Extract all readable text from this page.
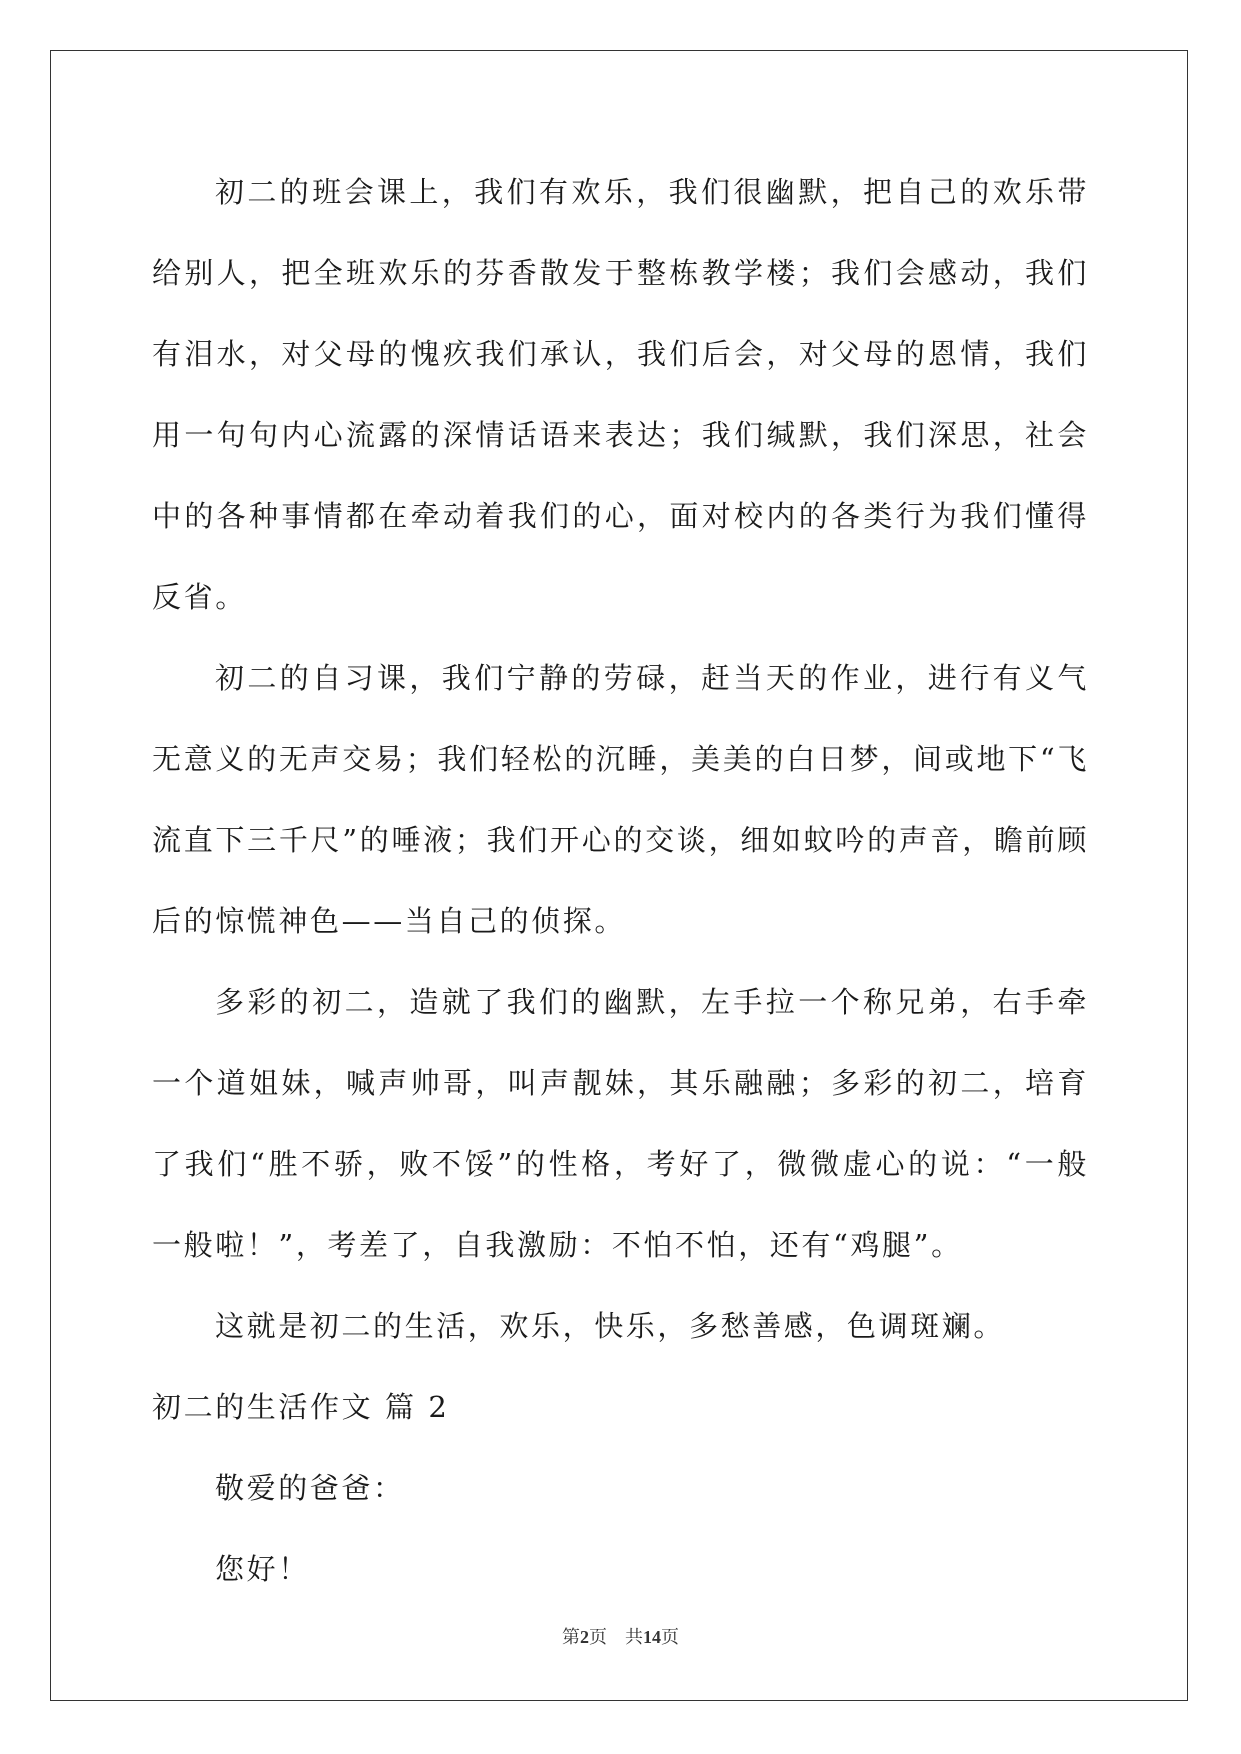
初二的班会课上，我们有欢乐，我们很幽默，把自己的欢乐带给别人，把全班欢乐的芬香散发于整栋教学楼；我们会感动，我们有泪水，对父母的愧疚我们承认，我们后会，对父母的恩情，我们用一句句内心流露的深情话语来表达；我们缄默，我们深思，社会中的各种事情都在牵动着我们的心，面对校内的各类行为我们懂得反省。

初二的自习课，我们宁静的劳碌，赶当天的作业，进行有义气无意义的无声交易；我们轻松的沉睡，美美的白日梦，间或地下“飞流直下三千尺”的唾液；我们开心的交谈，细如蚊吟的声音，瞻前顾后的惊慌神色——当自己的侦探。

多彩的初二，造就了我们的幽默，左手拉一个称兄弟，右手牵一个道姐妹，喊声帅哥，叫声靓妹，其乐融融；多彩的初二，培育了我们“胜不骄，败不馁”的性格，考好了，微微虚心的说：“一般一般啦！”，考差了，自我激励：不怕不怕，还有“鸡腿”。

这就是初二的生活，欢乐，快乐，多愁善感，色调斑斓。

初二的生活作文 篇 2

敬爱的爸爸：

您好！

第2页　共14页
